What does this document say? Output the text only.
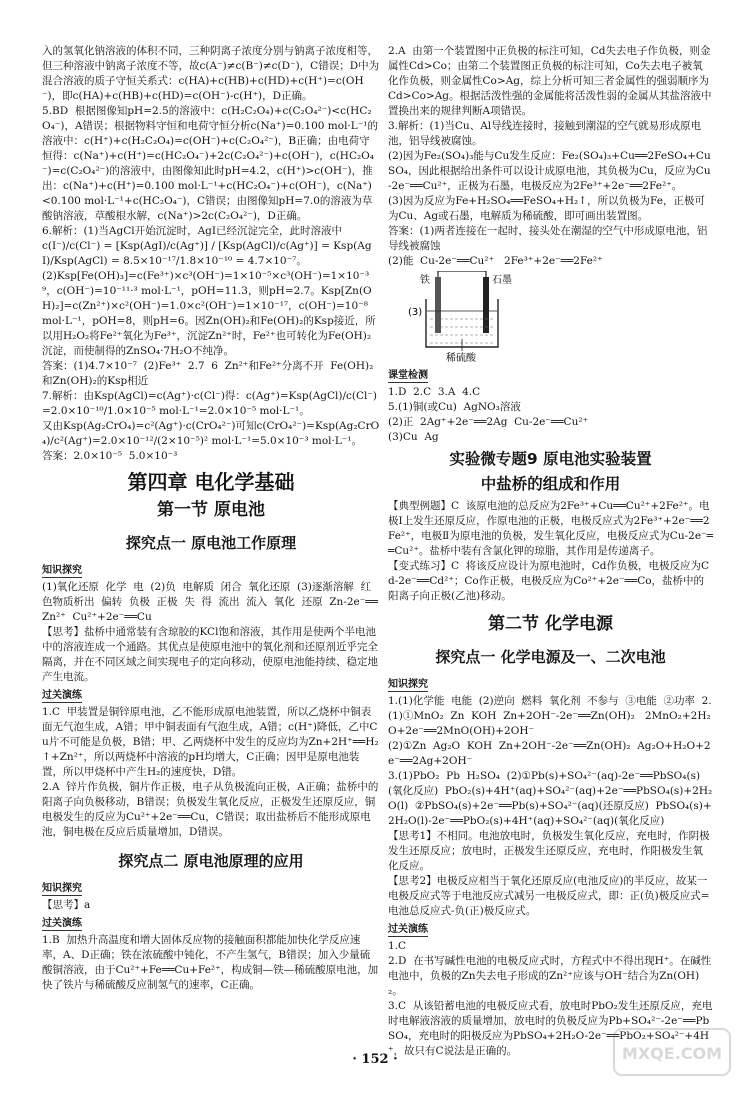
入的氢氧化钠溶液的体积不同，三种阴离子浓度分别与钠离子浓度相等，但三种溶液中钠离子浓度不等，故c(A⁻)≠c(B⁻)≠c(D⁻)，C错误；D中为混合溶液的质子守恒关系式：c(HA)+c(HB)+c(HD)+c(H⁺)=c(OH⁻)，即c(HA)+c(HB)+c(HD)=c(OH⁻)-c(H⁺)，D正确。

5.BD  根据图像知pH=2.5的溶液中：c(H₂C₂O₄)+c(C₂O₄²⁻)<c(HC₂O₄⁻)，A错误；根据物料守恒和电荷守恒分析c(Na⁺)=0.100 mol·L⁻¹的溶液中：c(H⁺)+c(H₂C₂O₄)=c(OH⁻)+c(C₂O₄²⁻)，B正确；由电荷守恒得：c(Na⁺)+c(H⁺)=c(HC₂O₄⁻)+2c(C₂O₄²⁻)+c(OH⁻)，c(HC₂O₄⁻)=c(C₂O₄²⁻)的溶液中，由图像知此时pH=4.2，c(H⁺)>c(OH⁻)，推出：c(Na⁺)+c(H⁺)=0.100 mol·L⁻¹+c(HC₂O₄⁻)+c(OH⁻)，c(Na⁺)<0.100 mol·L⁻¹+c(HC₂O₄⁻)，C错误；由图像知pH=7.0的溶液为草酸钠溶液，草酸根水解，c(Na⁺)>2c(C₂O₄²⁻)，D正确。

6.解析：(1)当AgCl开始沉淀时，AgI已经沉淀完全，此时溶液中
c(I⁻)/c(Cl⁻) = [Ksp(AgI)/c(Ag⁺)] / [Ksp(AgCl)/c(Ag⁺)] = Ksp(AgI)/Ksp(AgCl) = 8.5×10⁻¹⁷/1.8×10⁻¹⁰ = 4.7×10⁻⁷。
(2)Ksp[Fe(OH)₃]=c(Fe³⁺)×c³(OH⁻)=1×10⁻⁵×c³(OH⁻)=1×10⁻³⁹，c(OH⁻)=10⁻¹¹·³ mol·L⁻¹，pOH=11.3，则pH=2.7。Ksp[Zn(OH)₂]=c(Zn²⁺)×c²(OH⁻)=1.0×c²(OH⁻)=1×10⁻¹⁷，c(OH⁻)=10⁻⁸ mol·L⁻¹，pOH=8，则pH=6。因Zn(OH)₂和Fe(OH)₂的Ksp接近，所以用H₂O₂将Fe²⁺氧化为Fe³⁺，沉淀Zn²⁺时，Fe²⁺也可转化为Fe(OH)₂沉淀，而使制得的ZnSO₄·7H₂O不纯净。
答案：(1)4.7×10⁻⁷  (2)Fe³⁺  2.7  6  Zn²⁺和Fe²⁺分离不开  Fe(OH)₂和Zn(OH)₂的Ksp相近

7.解析：由Ksp(AgCl)=c(Ag⁺)·c(Cl⁻)得：c(Ag⁺)=Ksp(AgCl)/c(Cl⁻)=2.0×10⁻¹⁰/1.0×10⁻⁵ mol·L⁻¹=2.0×10⁻⁵ mol·L⁻¹。
又由Ksp(Ag₂CrO₄)=c²(Ag⁺)·c(CrO₄²⁻)可知c(CrO₄²⁻)=Ksp(Ag₂CrO₄)/c²(Ag⁺)=2.0×10⁻¹²/(2×10⁻⁵)² mol·L⁻¹=5.0×10⁻³ mol·L⁻¹。
答案：2.0×10⁻⁵  5.0×10⁻³

第四章 电化学基础
第一节 原电池
探究点一 原电池工作原理
知识探究

(1)氧化还原  化学  电  (2)负  电解质  闭合  氧化还原  (3)逐渐溶解  红色物质析出  偏转  负极  正极  失  得  流出  流入  氧化  还原  Zn-2e⁻══Zn²⁺  Cu²⁺+2e⁻══Cu
【思考】盐桥中通常装有含琼胶的KCl饱和溶液，其作用是使两个半电池中的溶液连成一个通路。其优点是使原电池中的氧化剂和还原剂近乎完全隔离，并在不同区域之间实现电子的定向移动，使原电池能持续、稳定地产生电流。

过关演练

1.C  甲装置是铜锌原电池，乙不能形成原电池装置，所以乙烧杯中铜表面无气泡生成，A错；甲中铜表面有气泡生成，A错；c(H⁺)降低，乙中Cu片不可能是负极，B错；甲、乙两烧杯中发生的反应均为Zn+2H⁺══H₂↑+Zn²⁺，所以两烧杯中溶液的pH均增大，C正确；因甲是原电池装置，所以甲烧杯中产生H₂的速度快，D错。
2.A  锌片作负极，铜片作正极，电子从负极流向正极，A正确；盐桥中的阳离子向负极移动，B错误；负极发生氧化反应，正极发生还原反应，铜电极发生的反应为Cu²⁺+2e⁻══Cu，C错误；取出盐桥后不能形成原电池，铜电极在反应后质量增加，D错误。

探究点二 原电池原理的应用
知识探究

【思考】a

过关演练

1.B  加热升高温度和增大固体反应物的接触面积都能加快化学反应速率，A、D正确；铁在浓硫酸中钝化，不产生氢气，B错误；加入少量硫酸铜溶液，由于Cu²⁺+Fe══Cu+Fe²⁺，构成铜—铁—稀硫酸原电池，加快了铁片与稀硫酸反应制氢气的速率，C正确。

2.A  由第一个装置图中正负极的标注可知，Cd失去电子作负极，则金属性Cd>Co；由第二个装置图正负极的标注可知，Co失去电子被氧化作负极，则金属性Co>Ag，综上分析可知三者金属性的强弱顺序为Cd>Co>Ag。根据活泼性强的金属能将活泼性弱的金属从其盐溶液中置换出来的规律判断A项错误。

3.解析：(1)当Cu、Al导线连接时，接触到潮湿的空气就易形成原电池，铝导线被腐蚀。
(2)因为Fe₂(SO₄)₃能与Cu发生反应：Fe₂(SO₄)₃+Cu══2FeSO₄+CuSO₄，因此根据给出条件可以设计成原电池，其负极为Cu，反应为Cu-2e⁻══Cu²⁺，正极为石墨，电极反应为2Fe³⁺+2e⁻══2Fe²⁺。
(3)因为反应为Fe+H₂SO₄══FeSO₄+H₂↑，所以负极为Fe，正极可为Cu、Ag或石墨，电解质为稀硫酸，即可画出装置图。
答案：(1)两者连接在一起时，接头处在潮湿的空气中形成原电池，铝导线被腐蚀
(2)能  Cu-2e⁻══Cu²⁺   2Fe³⁺+2e⁻══2Fe²⁺

铁	石墨
(3)
稀硫酸
课堂检测

1.D  2.C  3.A  4.C
5.(1)铜(或Cu)  AgNO₃溶液
(2)正  2Ag⁺+2e⁻══2Ag  Cu-2e⁻══Cu²⁺
(3)Cu  Ag

实验微专题9 原电池实验装置
中盐桥的组成和作用

【典型例题】C  该原电池的总反应为2Fe³⁺+Cu══Cu²⁺+2Fe²⁺。电极Ⅰ上发生还原反应，作原电池的正极，电极反应式为2Fe³⁺+2e⁻══2Fe²⁺，电极Ⅱ为原电池的负极，发生氧化反应，电极反应式为Cu-2e⁻══Cu²⁺。盐桥中装有含氯化钾的琼脂，其作用是传递离子。
【变式练习】C  将该反应设计为原电池时，Cd作负极，电极反应为Cd-2e⁻══Cd²⁺；Co作正极，电极反应为Co²⁺+2e⁻══Co，盐桥中的阳离子向正极(乙池)移动。

第二节 化学电源
探究点一 化学电源及一、二次电池
知识探究

1.(1)化学能  电能  (2)逆向  燃料  氧化剂  不参与  ③电能  ②功率  2.(1)①MnO₂  Zn  KOH  Zn+2OH⁻-2e⁻══Zn(OH)₂   2MnO₂+2H₂O+2e⁻══2MnO(OH)+2OH⁻
(2)①Zn  Ag₂O  KOH  Zn+2OH⁻-2e⁻══Zn(OH)₂  Ag₂O+H₂O+2e⁻══2Ag+2OH⁻
3.(1)PbO₂  Pb  H₂SO₄  (2)①Pb(s)+SO₄²⁻(aq)-2e⁻══PbSO₄(s)(氧化反应)  PbO₂(s)+4H⁺(aq)+SO₄²⁻(aq)+2e⁻══PbSO₄(s)+2H₂O(l)  ②PbSO₄(s)+2e⁻══Pb(s)+SO₄²⁻(aq)(还原反应)  PbSO₄(s)+2H₂O(l)-2e⁻══PbO₂(s)+4H⁺(aq)+SO₄²⁻(aq)(氧化反应)
【思考1】不相同。电池放电时，负极发生氧化反应，充电时，作阴极发生还原反应；放电时，正极发生还原反应，充电时，作阳极发生氧化反应。
【思考2】电极反应相当于氧化还原反应(电池反应)的半反应，故某一电极反应式等于电池反应式减另一电极反应式，即：正(负)极反应式=电池总反应式-负(正)极反应式。

过关演练

1.C
2.D  在书写碱性电池的电极反应式时，方程式中不得出现H⁺。在碱性电池中，负极的Zn失去电子形成的Zn²⁺应该与OH⁻结合为Zn(OH)₂。
3.C  从该铅蓄电池的电极反应式看，放电时PbO₂发生还原反应，充电时电解液溶液的质量增加，放电时的负极反应为Pb+SO₄²⁻-2e⁻══PbSO₄，充电时的阳极反应为PbSO₄+2H₂O-2e⁻══PbO₂+SO₄²⁻+4H⁺，故只有C说法是正确的。

· 152 ·	MXQE.COM
